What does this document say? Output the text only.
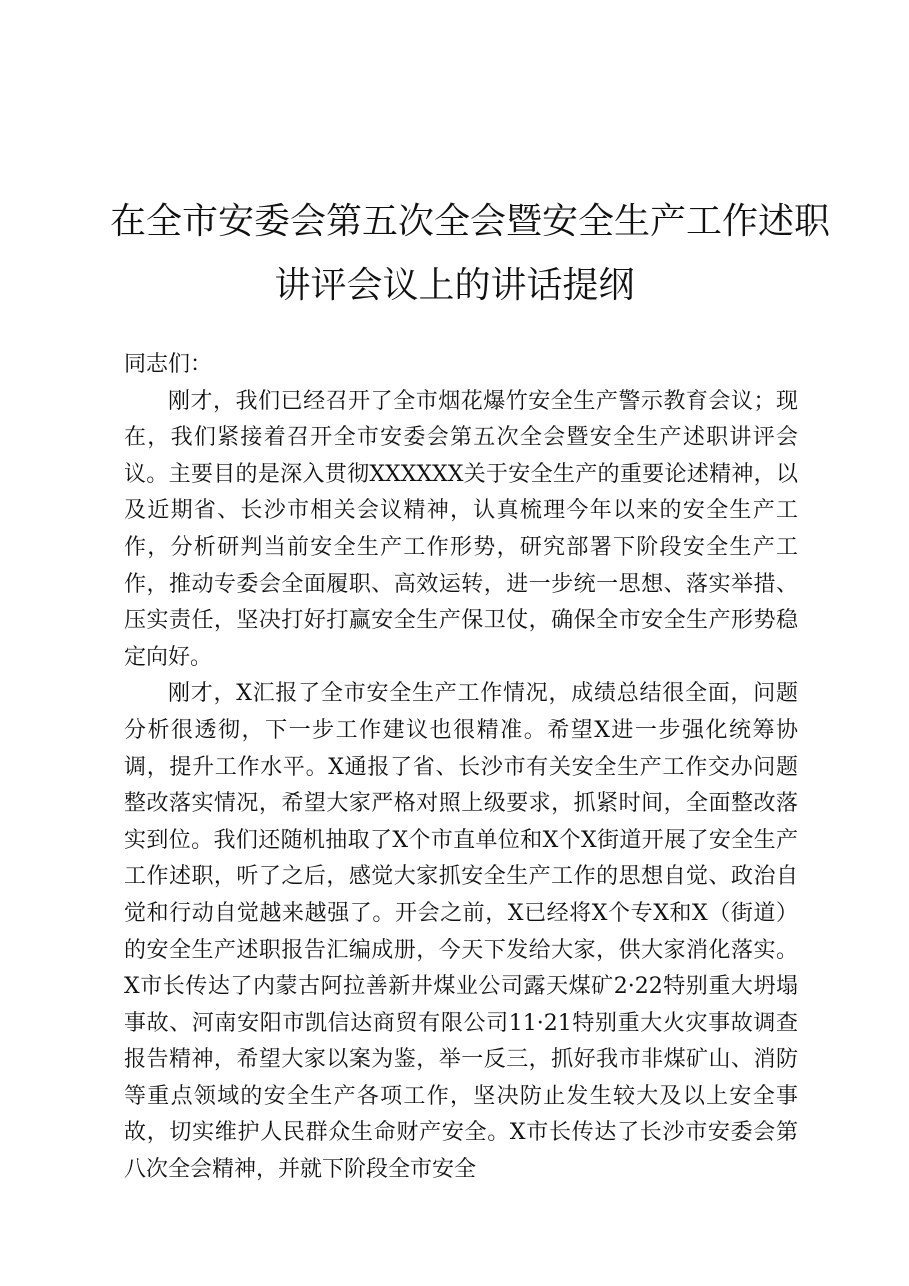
在全市安委会第五次全会暨安全生产工作述职
讲评会议上的讲话提纲

同志们：

刚才，我们已经召开了全市烟花爆竹安全生产警示教育会议；现在，我们紧接着召开全市安委会第五次全会暨安全生产述职讲评会议。主要目的是深入贯彻XXXXXX关于安全生产的重要论述精神，以及近期省、长沙市相关会议精神，认真梳理今年以来的安全生产工作，分析研判当前安全生产工作形势，研究部署下阶段安全生产工作，推动专委会全面履职、高效运转，进一步统一思想、落实举措、压实责任，坚决打好打赢安全生产保卫仗，确保全市安全生产形势稳定向好。

刚才，X汇报了全市安全生产工作情况，成绩总结很全面，问题分析很透彻，下一步工作建议也很精准。希望X进一步强化统筹协调，提升工作水平。X通报了省、长沙市有关安全生产工作交办问题整改落实情况，希望大家严格对照上级要求，抓紧时间，全面整改落实到位。我们还随机抽取了X个市直单位和X个X街道开展了安全生产工作述职，听了之后，感觉大家抓安全生产工作的思想自觉、政治自觉和行动自觉越来越强了。开会之前，X已经将X个专X和X（街道）的安全生产述职报告汇编成册，今天下发给大家，供大家消化落实。X市长传达了内蒙古阿拉善新井煤业公司露天煤矿2·22特别重大坍塌事故、河南安阳市凯信达商贸有限公司11·21特别重大火灾事故调查报告精神，希望大家以案为鉴，举一反三，抓好我市非煤矿山、消防等重点领域的安全生产各项工作，坚决防止发生较大及以上安全事故，切实维护人民群众生命财产安全。X市长传达了长沙市安委会第八次全会精神，并就下阶段全市安全
